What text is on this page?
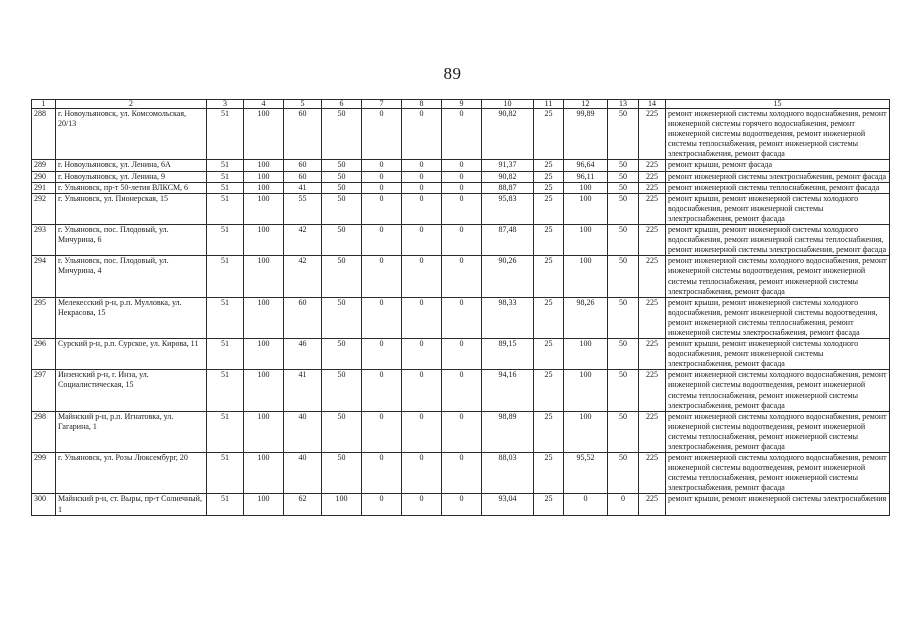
89
1	2	3	4	5	6	7	8	9	10	11	12	13	14	15
288	г. Новоульяновск, ул. Комсомольская, 20/13	51	100	60	50	0	0	0	90,82	25	99,89	50	225	ремонт инженерной системы холодного водоснабжения, ремонт инженерной системы горячего водоснабжения, ремонт инженерной системы водоотведения, ремонт инженерной системы теплоснабжения, ремонт инженерной системы электроснабжения, ремонт фасада
289	г. Новоульяновск, ул. Ленина, 6А	51	100	60	50	0	0	0	91,37	25	96,64	50	225	ремонт крыши, ремонт фасада
290	г. Новоульяновск, ул. Ленина, 9	51	100	60	50	0	0	0	90,82	25	96,11	50	225	ремонт инженерной системы электроснабжения, ремонт фасада
291	г. Ульяновск, пр-т 50-летия ВЛКСМ, 6	51	100	41	50	0	0	0	88,87	25	100	50	225	ремонт инженерной системы теплоснабжения, ремонт фасада
292	г. Ульяновск, ул. Пионерская, 15	51	100	55	50	0	0	0	95,83	25	100	50	225	ремонт крыши, ремонт инженерной системы холодного водоснабжения, ремонт инженерной системы электроснабжения, ремонт фасада
293	г. Ульяновск, пос. Плодовый, ул. Мичурина, 6	51	100	42	50	0	0	0	87,48	25	100	50	225	ремонт крыши, ремонт инженерной системы холодного водоснабжения, ремонт инженерной системы теплоснабжения, ремонт инженерной системы электроснабжения, ремонт фасада
294	г. Ульяновск, пос. Плодовый, ул. Мичурина, 4	51	100	42	50	0	0	0	90,26	25	100	50	225	ремонт инженерной системы холодного водоснабжения, ремонт инженерной системы водоотведения, ремонт инженерной системы теплоснабжения, ремонт инженерной системы электроснабжения, ремонт фасада
295	Мелекесский р-н, р.п. Мулловка, ул. Некрасова, 15	51	100	60	50	0	0	0	98,33	25	98,26	50	225	ремонт крыши, ремонт инженерной системы холодного водоснабжения, ремонт инженерной системы водоотведения, ремонт инженерной системы теплоснабжения, ремонт инженерной системы электроснабжения, ремонт фасада
296	Сурский р-н, р.п. Сурское, ул. Кирова, 11	51	100	46	50	0	0	0	89,15	25	100	50	225	ремонт крыши, ремонт инженерной системы холодного водоснабжения, ремонт инженерной системы электроснабжения, ремонт фасада
297	Инзенский р-н, г. Инза, ул. Социалистическая, 15	51	100	41	50	0	0	0	94,16	25	100	50	225	ремонт инженерной системы холодного водоснабжения, ремонт инженерной системы водоотведения, ремонт инженерной системы теплоснабжения, ремонт инженерной системы электроснабжения, ремонт фасада
298	Майнский р-н, р.п. Игнатовка, ул. Гагарина, 1	51	100	40	50	0	0	0	98,89	25	100	50	225	ремонт инженерной системы холодного водоснабжения, ремонт инженерной системы водоотведения, ремонт инженерной системы теплоснабжения, ремонт инженерной системы электроснабжения, ремонт фасада
299	г. Ульяновск, ул. Розы Люксембург, 20	51	100	40	50	0	0	0	88,03	25	95,52	50	225	ремонт инженерной системы холодного водоснабжения, ремонт инженерной системы водоотведения, ремонт инженерной системы теплоснабжения, ремонт инженерной системы электроснабжения, ремонт фасада
300	Майнский р-н, ст. Выры, пр-т Солнечный, 1	51	100	62	100	0	0	0	93,04	25	0	0	225	ремонт крыши, ремонт инженерной системы электроснабжения
